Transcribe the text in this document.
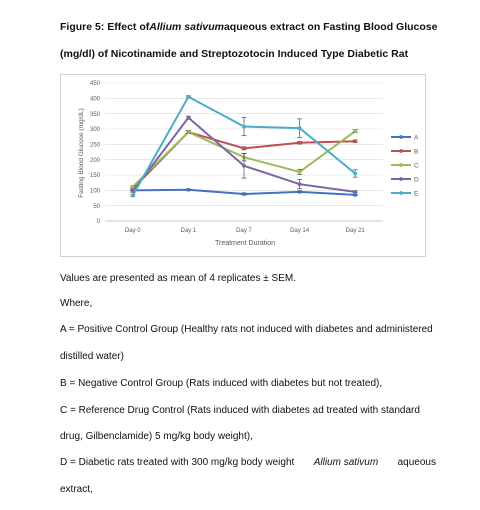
Figure 5: Effect of Allium sativum aqueous extract on Fasting Blood Glucose

(mg/dl) of Nicotinamide and Streptozotocin Induced Type Diabetic Rat

0
50
100
150
200
250
300
350
400
450
Day 0	Day 1	Day 7	Day 14	Day 21
A
B
C
D
E
Fasting Blood Glucose (mg/dL)
Treatment Duration

Values are presented as mean of 4 replicates ± SEM.

Where,

A = Positive Control Group (Healthy rats not induced with diabetes and administered

distilled water)

B = Negative Control Group (Rats induced with diabetes but not treated),

C = Reference Drug Control (Rats induced with diabetes ad treated with standard

drug, Gilbenclamide) 5 mg/kg body weight),

D = Diabetic rats treated with 300 mg/kg body weight Allium sativum aqueous

extract,
